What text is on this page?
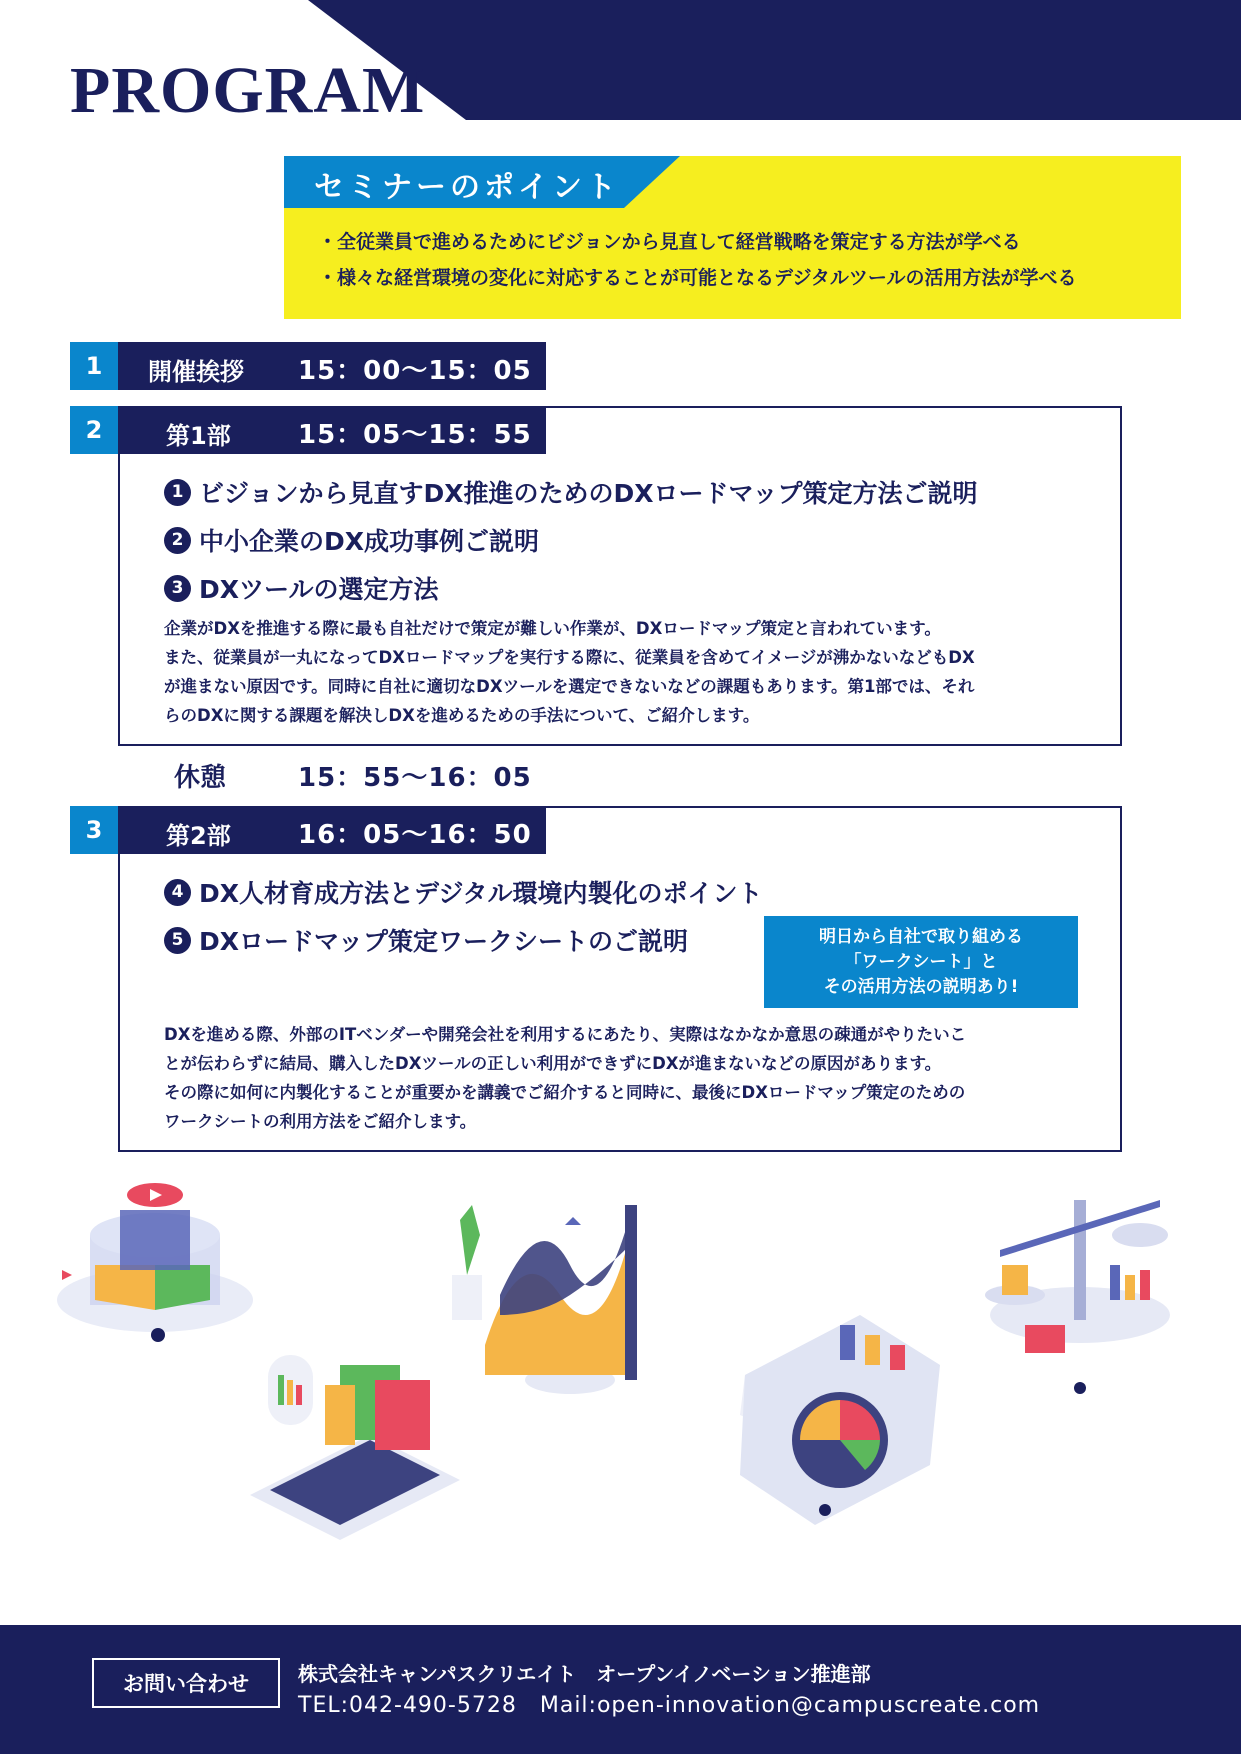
PROGRAM
セミナーのポイント
・全従業員で進めるためにビジョンから見直して経営戦略を策定する方法が学べる
・様々な経営環境の変化に対応することが可能となるデジタルツールの活用方法が学べる
1	開催挨拶 15：00〜15：05
2	第1部	15：05〜15：55
1 ビジョンから見直すDX推進のためのDXロードマップ策定方法ご説明
2 中小企業のDX成功事例ご説明
3 DXツールの選定方法
企業がDXを推進する際に最も自社だけで策定が難しい作業が、DXロードマップ策定と言われています。
また、従業員が一丸になってDXロードマップを実行する際に、従業員を含めてイメージが沸かないなどもDX
が進まない原因です。同時に自社に適切なDXツールを選定できないなどの課題もあります。第1部では、それ
らのDXに関する課題を解決しDXを進めるための手法について、ご紹介します。
休憩	15：55〜16：05
3	第2部	16：05〜16：50
4 DX人材育成方法とデジタル環境内製化のポイント
5 DXロードマップ策定ワークシートのご説明	明日から自社で取り組める
「ワークシート」と
その活用方法の説明あり!
DXを進める際、外部のITベンダーや開発会社を利用するにあたり、実際はなかなか意思の疎通がやりたいこ
とが伝わらずに結局、購入したDXツールの正しい利用ができずにDXが進まないなどの原因があります。
その際に如何に内製化することが重要かを講義でご紹介すると同時に、最後にDXロードマップ策定のための
ワークシートの利用方法をご紹介します。
お問い合わせ	株式会社キャンパスクリエイト　オープンイノベーション推進部
TEL:042-490-5728　Mail:open-innovation@campuscreate.com
